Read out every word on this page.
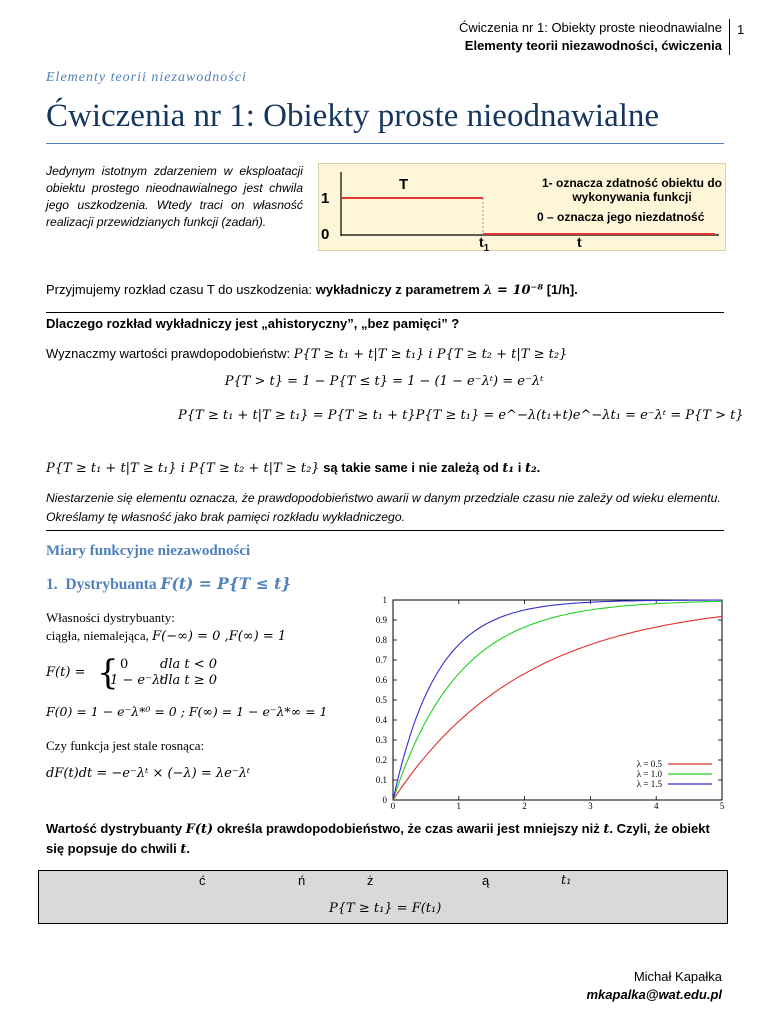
Ćwiczenia nr 1: Obiekty proste nieodnawialne
Elementy teorii niezawodności, ćwiczenia
1
Elementy teorii niezawodności
Ćwiczenia nr 1: Obiekty proste nieodnawialne
Jedynym istotnym zdarzeniem w eksploatacji obiektu prostego nieodnawialnego jest chwila jego uszkodzenia. Wtedy traci on własność realizacji przewidzianych funkcji (zadań).
T
1
0	$t_1$	t
1- oznacza zdatność obiektu do wykonywania funkcji
0 – oznacza jego niezdatność
Przyjmujemy rozkład czasu T do uszkodzenia: wykładniczy z parametrem λ = 10⁻⁸ [1/h].
Dlaczego rozkład wykładniczy jest „ahistoryczny”, „bez pamięci” ?
Wyznaczmy wartości prawdopodobieństw: P{T ≥ t₁ + t|T ≥ t₁} i P{T ≥ t₂ + t|T ≥ t₂}
P{T > t} = 1 − P{T ≤ t} = 1 − (1 − e⁻λᵗ) = e⁻λᵗ
P{T ≥ t₁ + t|T ≥ t₁} = P{T ≥ t₁ + t}P{T ≥ t₁} = e^−λ(t₁+t)e^−λt₁ = e⁻λᵗ = P{T > t}
P{T ≥ t₁ + t|T ≥ t₁} i P{T ≥ t₂ + t|T ≥ t₂} są takie same i nie zależą od t₁ i t₂.
Niestarzenie się elementu oznacza, że prawdopodobieństwo awarii w danym przedziale czasu nie zależy od wieku elementu. Określamy tę własność jako brak pamięci rozkładu wykładniczego.
Miary funkcyjne niezawodności
1. Dystrybuanta F(t) = P{T ≤ t}
Własności dystrybuanty:
ciągła, niemalejąca, F(−∞) = 0 ,F(∞) = 1
F(t) = { 0 dla t < 0
1 − e⁻λᵗ
dla t ≥ 0
F(0) = 1 − e⁻λ*⁰ = 0 ; F(∞) = 1 − e⁻λ*∞ = 1
Czy funkcja jest stale rosnąca:
dF(t)dt = −e⁻λᵗ × (−λ) = λe⁻λᵗ
0
0.1
0.2
0.3
0.4
0.5
0.6
0.7
0.8
0.9
1
0	1	2	3	4	5
λ = 0.5
λ = 1.0
λ = 1.5
Wartość dystrybuanty F(t) określa prawdopodobieństwo, że czas awarii jest mniejszy niż t. Czyli, że obiekt się popsuje do chwili t.
ć	ń	ż	ą	t₁
P{T ≥ t₁} = F(t₁)
Michał Kapałka
mkapalka@wat.edu.pl
